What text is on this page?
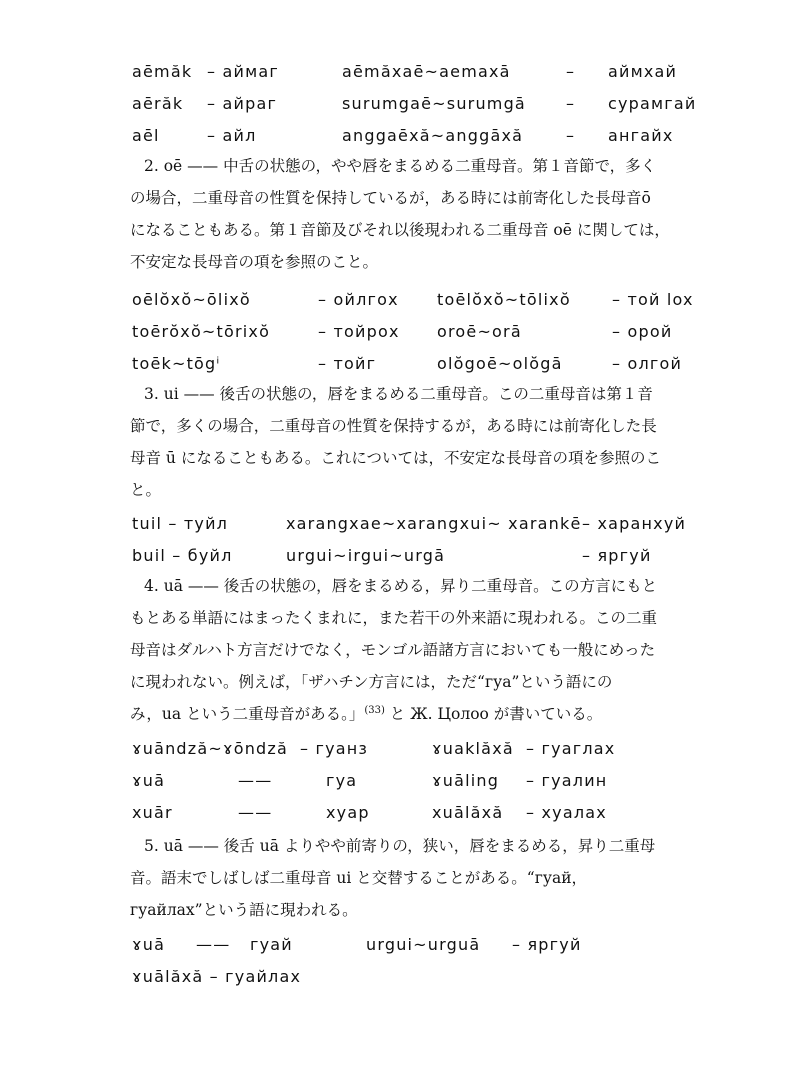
aēmăk – аймаг	aēmăxaē~aemaxā	– аймхай
aērăk – айраг	surumgaē~surumgā	– сурамгай
aēl	– айл	anggaēxă~anggāxă	– ангайх

2. oē —— 中舌の状態の，やや唇をまるめる二重母音。第１音節で，多く

の場合，二重母音の性質を保持しているが，ある時には前寄化した長母音ō

になることもある。第１音節及びそれ以後現われる二重母音 oē に関しては，

不安定な長母音の項を参照のこと。

oēlŏxŏ~ōlixŏ	– ойлгох toēlŏxŏ~tōlixŏ	– той lox
toērŏxŏ~tōrixŏ	– тойрох oroē~orā	– орой
toēk~tōgⁱ	– тойг	olŏgoē~olŏgā	– олгой

3. ui —— 後舌の状態の，唇をまるめる二重母音。この二重母音は第１音

節で，多くの場合，二重母音の性質を保持するが，ある時には前寄化した長

母音 ū になることもある。これについては，不安定な長母音の項を参照のこ

と。

tuil – туйл	xarangxae~xarangxui~ xarankē – харанхуй
buil – буйл	urgui~irgui~urgā	– яргуй

4. uā —— 後舌の状態の，唇をまるめる，昇り二重母音。この方言にもと

もとある単語にはまったくまれに，また若干の外来語に現われる。この二重

母音はダルハト方言だけでなく，モンゴル語諸方言においても一般にめった

に現われない。例えば，「ザハチン方言には，ただ“гуа”という語にの

み，ua という二重母音がある。」$^{(33)}$ と Ж. Цолоо が書いている。

ɤuāndză~ɤōndză – гуанз	ɤuaklăxă – гуаглах
ɤuā	——	гуа	ɤuāling – гуалин
xuār	——	хуар	xuālăxă – хуалах

5. uā —— 後舌 uā よりやや前寄りの，狭い，唇をまるめる，昇り二重母

音。語末でしばしば二重母音 ui と交替することがある。“гуай，

гуайлах”という語に現われる。

ɤuā —— гуай	urgui~urguā – яргуй
ɤuālăxă – гуайлах
